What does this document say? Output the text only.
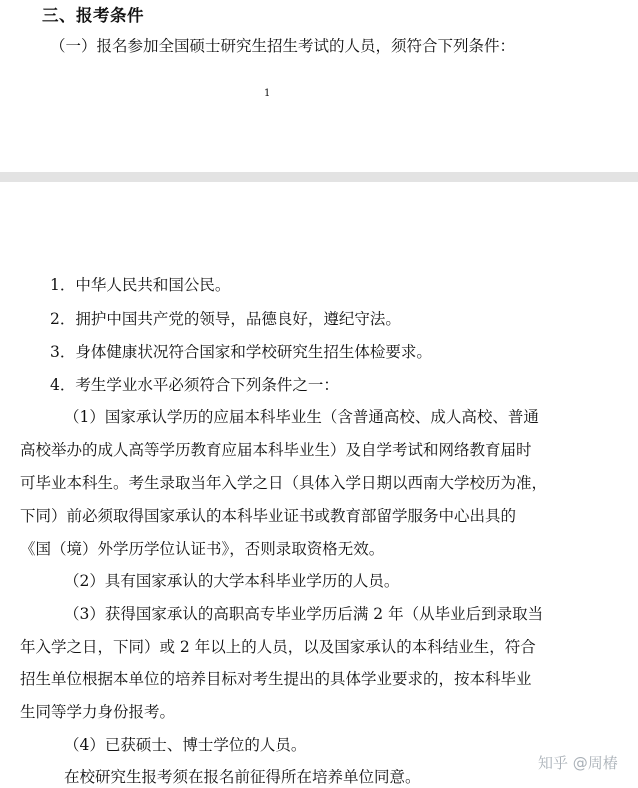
三、报考条件
（一）报名参加全国硕士研究生招生考试的人员，须符合下列条件：
1
1．中华人民共和国公民。
2．拥护中国共产党的领导，品德良好，遵纪守法。
3．身体健康状况符合国家和学校研究生招生体检要求。
4．考生学业水平必须符合下列条件之一：
（1）国家承认学历的应届本科毕业生（含普通高校、成人高校、普通
高校举办的成人高等学历教育应届本科毕业生）及自学考试和网络教育届时
可毕业本科生。考生录取当年入学之日（具体入学日期以西南大学校历为准，
下同）前必须取得国家承认的本科毕业证书或教育部留学服务中心出具的
《国（境）外学历学位认证书》，否则录取资格无效。
（2）具有国家承认的大学本科毕业学历的人员。
（3）获得国家承认的高职高专毕业学历后满 2 年（从毕业后到录取当
年入学之日，下同）或 2 年以上的人员，以及国家承认的本科结业生，符合
招生单位根据本单位的培养目标对考生提出的具体学业要求的，按本科毕业
生同等学力身份报考。
（4）已获硕士、博士学位的人员。
在校研究生报考须在报名前征得所在培养单位同意。
知乎 @周椿
